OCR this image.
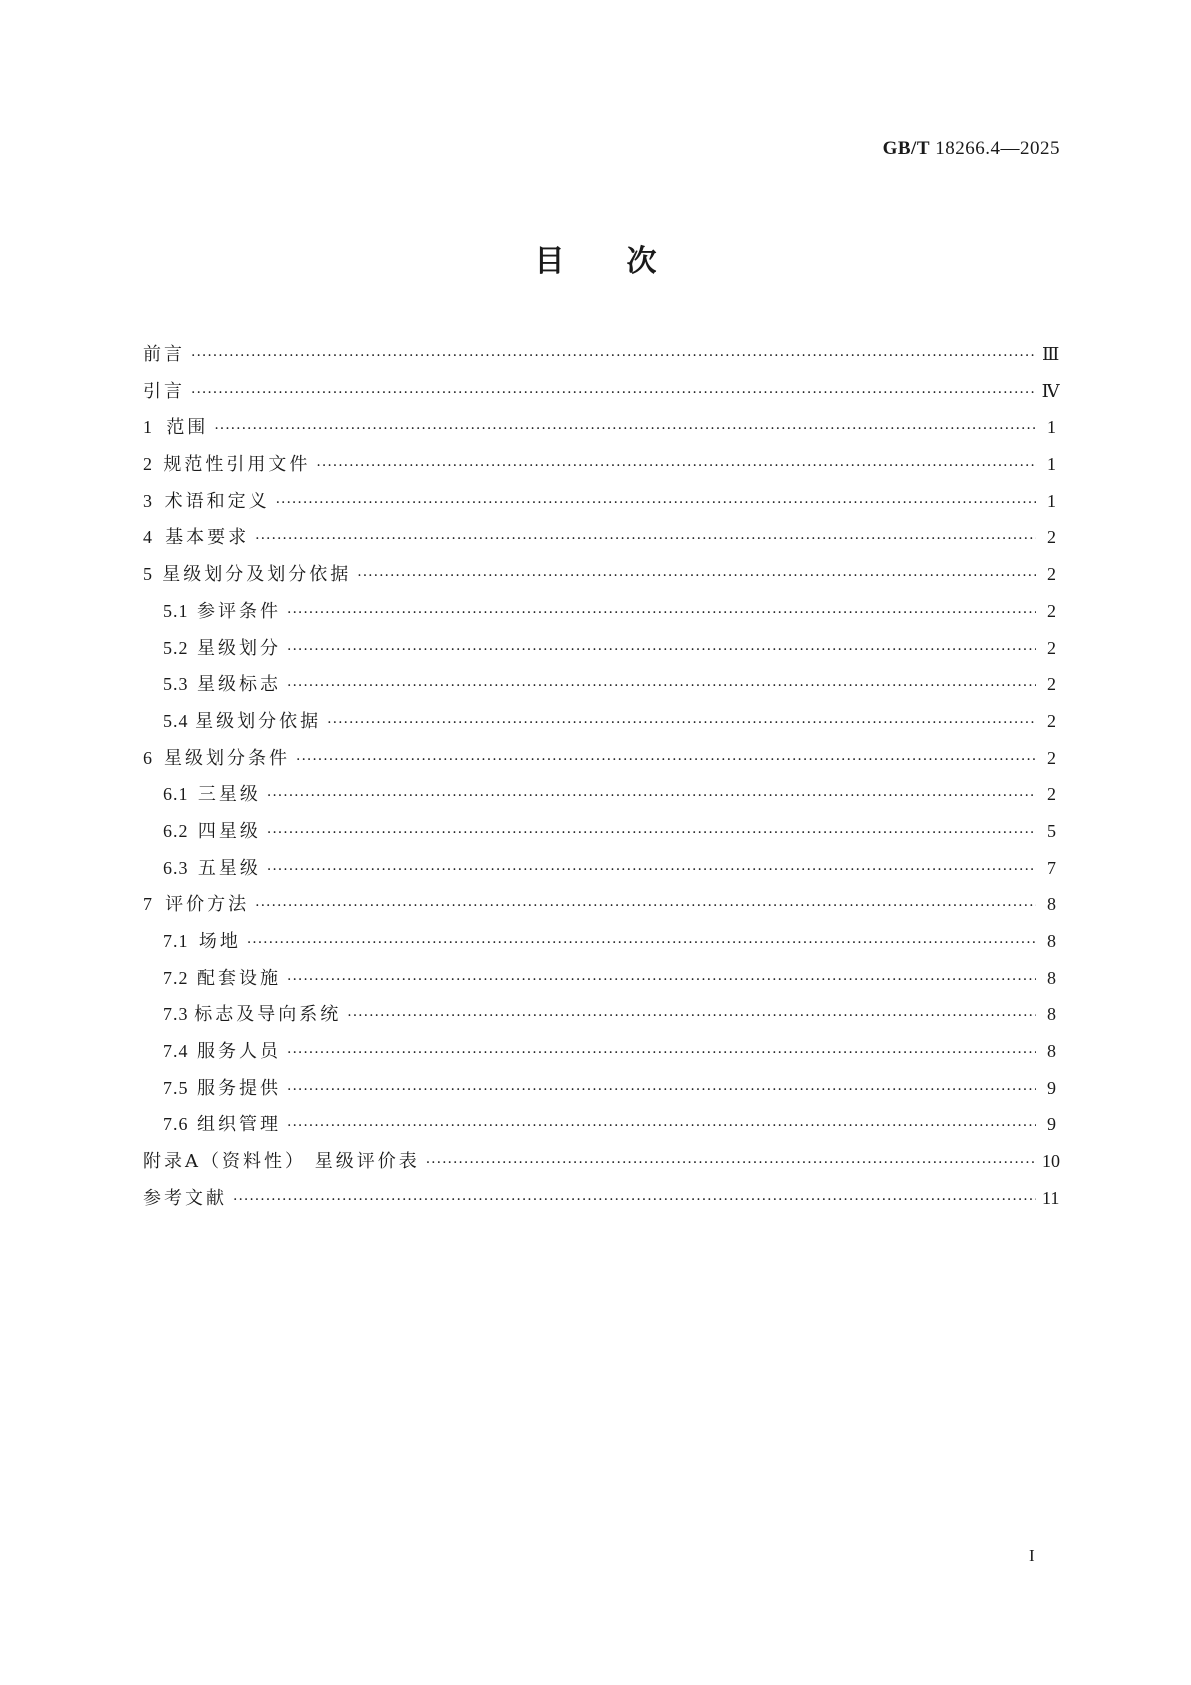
GB/T 18266.4—2025
目次
前言 ·····	Ⅲ
引言 ·····	Ⅳ
1 范围 ·····	1
2 规范性引用文件 ·····	1
3 术语和定义 ·····	1
4 基本要求 ·····	2
5 星级划分及划分依据 ·····	2
5.1 参评条件 ·····	2
5.2 星级划分 ·····	2
5.3 星级标志 ·····	2
5.4 星级划分依据 ·····	2
6 星级划分条件 ·····	2
6.1 三星级 ·····	2
6.2 四星级 ·····	5
6.3 五星级 ·····	7
7 评价方法 ·····	8
7.1 场地 ·····	8
7.2 配套设施 ·····	8
7.3 标志及导向系统 ·····	8
7.4 服务人员 ·····	8
7.5 服务提供 ·····	9
7.6 组织管理 ·····	9
附录A（资料性） 星级评价表 ·····	10
参考文献 ·····	11
I
